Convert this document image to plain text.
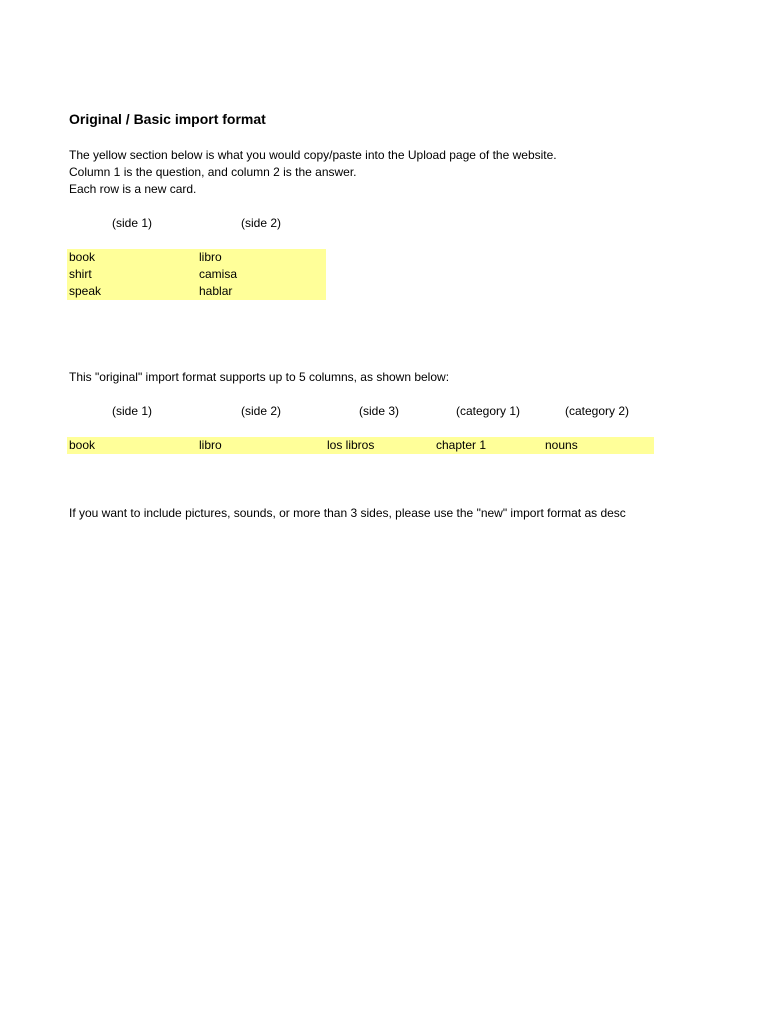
Original / Basic import format
The yellow section below is what you would copy/paste into the Upload page of the website.
Column 1 is the question, and column 2 is the answer.
Each row is a new card.
(side 1)	(side 2)
book	libro
shirt	camisa
speak	hablar
This "original" import format supports up to 5 columns, as shown below:
(side 1)	(side 2)	(side 3)	(category 1)	(category 2)
book	libro	los libros	chapter 1	nouns
If you want to include pictures, sounds, or more than 3 sides, please use the "new" import format as desc
